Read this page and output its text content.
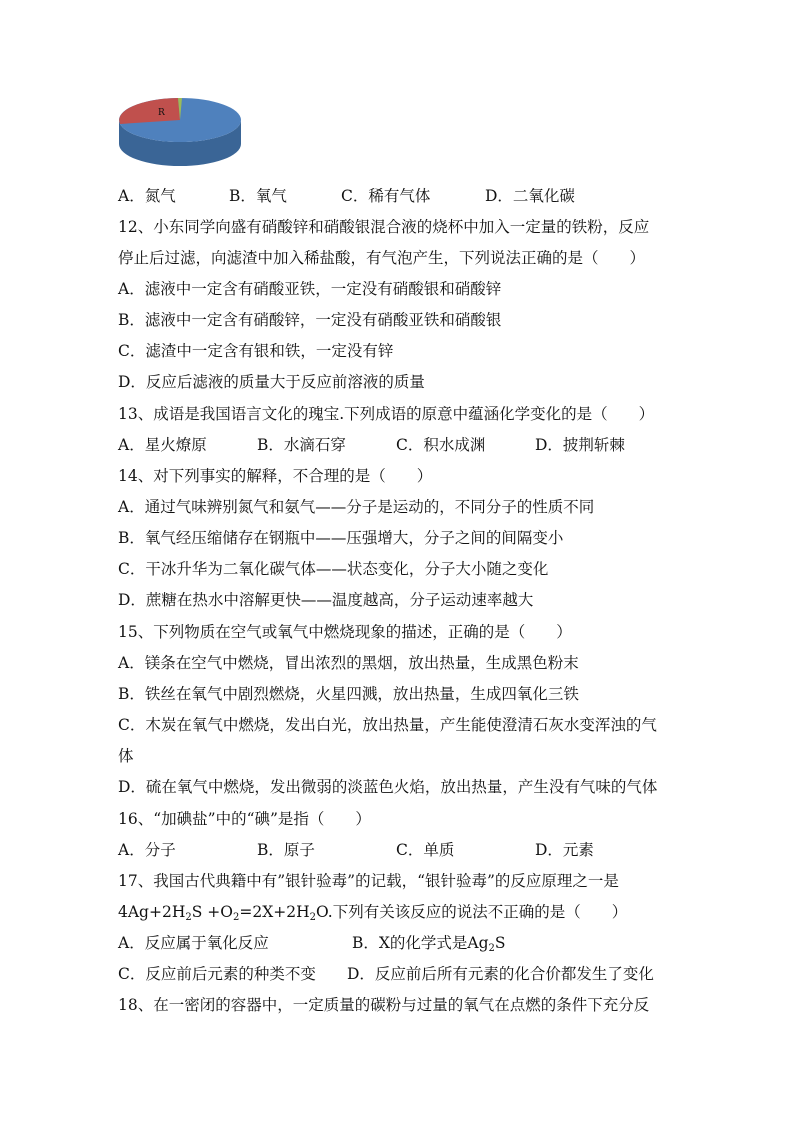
R
A．氮气	B．氧气	C．稀有气体	D．二氧化碳
12、小东同学向盛有硝酸锌和硝酸银混合液的烧杯中加入一定量的铁粉，反应
停止后过滤，向滤渣中加入稀盐酸，有气泡产生，下列说法正确的是（　　）
A．滤液中一定含有硝酸亚铁，一定没有硝酸银和硝酸锌
B．滤液中一定含有硝酸锌，一定没有硝酸亚铁和硝酸银
C．滤渣中一定含有银和铁，一定没有锌
D．反应后滤液的质量大于反应前溶液的质量
13、成语是我国语言文化的瑰宝.下列成语的原意中蕴涵化学变化的是（　　）
A．星火燎原	B．水滴石穿	C．积水成渊	D．披荆斩棘
14、对下列事实的解释，不合理的是（　　）
A．通过气味辨别氮气和氨气——分子是运动的，不同分子的性质不同
B．氧气经压缩储存在钢瓶中——压强增大，分子之间的间隔变小
C．干冰升华为二氧化碳气体——状态变化，分子大小随之变化
D．蔗糖在热水中溶解更快——温度越高，分子运动速率越大
15、下列物质在空气或氧气中燃烧现象的描述，正确的是（　　）
A．镁条在空气中燃烧，冒出浓烈的黑烟，放出热量，生成黑色粉末
B．铁丝在氧气中剧烈燃烧，火星四溅，放出热量，生成四氧化三铁
C．木炭在氧气中燃烧，发出白光，放出热量，产生能使澄清石灰水变浑浊的气
体
D．硫在氧气中燃烧，发出微弱的淡蓝色火焰，放出热量，产生没有气味的气体
16、“加碘盐”中的“碘”是指（　　）
A．分子	B．原子	C．单质	D．元素
17、我国古代典籍中有”银针验毒”的记载，“银针验毒”的反应原理之一是
$4Ag+2H_2S +O_2=2X+2H_2O$.下列有关该反应的说法不正确的是（　　）
A．反应属于氧化反应	B．X的化学式是$Ag_2S$
C．反应前后元素的种类不变	D．反应前后所有元素的化合价都发生了变化
18、在一密闭的容器中，一定质量的碳粉与过量的氧气在点燃的条件下充分反
